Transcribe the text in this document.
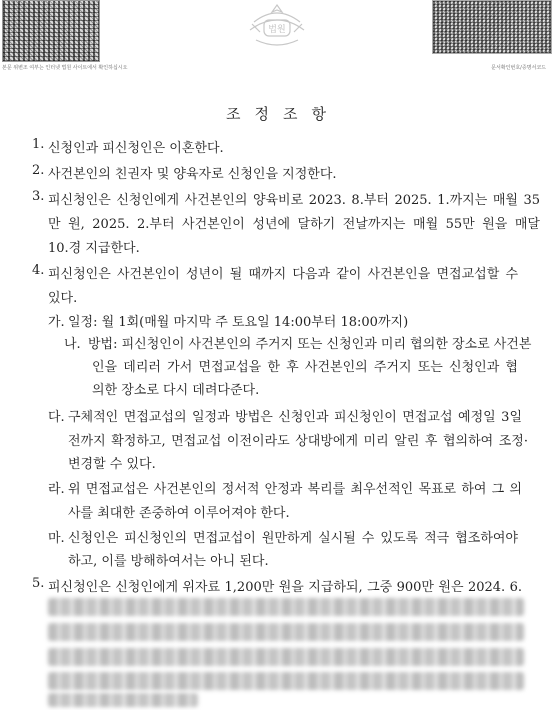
본문 위변조 여부는 인터넷 법원 사이트에서 확인하십시오
법원
문서확인번호/증명서코드
조정조항
1. 신청인과 피신청인은 이혼한다.
2. 사건본인의 친권자 및 양육자로 신청인을 지정한다.
3. 피신청인은 신청인에게 사건본인의 양육비로 2023. 8.부터 2025. 1.까지는 매월 35
만 원, 2025. 2.부터 사건본인이 성년에 달하기 전날까지는 매월 55만 원을 매달
10.경 지급한다.
4. 피신청인은 사건본인이 성년이 될 때까지 다음과 같이 사건본인을 면접교섭할 수
있다.
가. 일정: 월 1회(매월 마지막 주 토요일 14:00부터 18:00까지)
나. 방법: 피신청인이 사건본인의 주거지 또는 신청인과 미리 협의한 장소로 사건본
인을 데리러 가서 면접교섭을 한 후 사건본인의 주거지 또는 신청인과 협
의한 장소로 다시 데려다준다.
다. 구체적인 면접교섭의 일정과 방법은 신청인과 피신청인이 면접교섭 예정일 3일
전까지 확정하고, 면접교섭 이전이라도 상대방에게 미리 알린 후 협의하여 조정·
변경할 수 있다.
라. 위 면접교섭은 사건본인의 정서적 안정과 복리를 최우선적인 목표로 하여 그 의
사를 최대한 존중하여 이루어져야 한다.
마. 신청인은 피신청인의 면접교섭이 원만하게 실시될 수 있도록 적극 협조하여야
하고, 이를 방해하여서는 아니 된다.
5. 피신청인은 신청인에게 위자료 1,200만 원을 지급하되, 그중 900만 원은 2024. 6.
